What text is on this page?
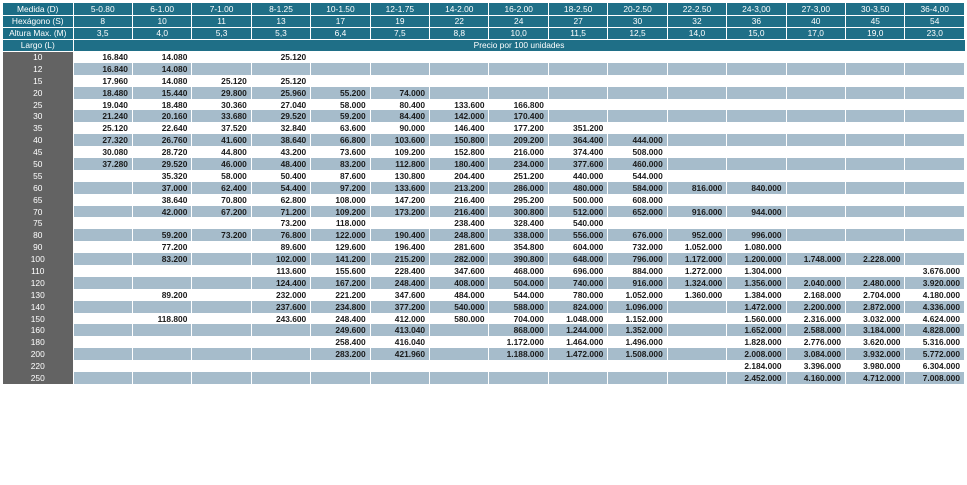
Medida (D)	5-0.80	6-1.00	7-1.00	8-1.25	10-1.50	12-1.75	14-2.00	16-2.00	18-2.50	20-2.50	22-2.50	24-3,00	27-3,00	30-3,50	36-4,00
Hexágono (S)	8	10	11	13	17	19	22	24	27	30	32	36	40	45	54
Altura Max. (M)	3,5	4,0	5,3	5,3	6,4	7,5	8,8	10,0	11,5	12,5	14,0	15,0	17,0	19,0	23,0
Largo (L)	Precio por 100 unidades														
10	16.840	14.080		25.120											
12	16.840	14.080													
15	17.960	14.080	25.120	25.120											
20	18.480	15.440	29.800	25.960	55.200	74.000									
25	19.040	18.480	30.360	27.040	58.000	80.400	133.600	166.800							
30	21.240	20.160	33.680	29.520	59.200	84.400	142.000	170.400							
35	25.120	22.640	37.520	32.840	63.600	90.000	146.400	177.200	351.200						
40	27.320	26.760	41.600	38.640	66.800	103.600	150.800	209.200	364.400	444.000					
45	30.080	28.720	44.800	43.200	73.600	109.200	152.800	216.000	374.400	508.000					
50	37.280	29.520	46.000	48.400	83.200	112.800	180.400	234.000	377.600	460.000					
55		35.320	58.000	50.400	87.600	130.800	204.400	251.200	440.000	544.000					
60		37.000	62.400	54.400	97.200	133.600	213.200	286.000	480.000	584.000	816.000	840.000			
65		38.640	70.800	62.800	108.000	147.200	216.400	295.200	500.000	608.000					
70		42.000	67.200	71.200	109.200	173.200	216.400	300.800	512.000	652.000	916.000	944.000			
75				73.200	118.000		238.400	328.400	540.000						
80		59.200	73.200	76.800	122.000	190.400	248.800	338.000	556.000	676.000	952.000	996.000			
90		77.200		89.600	129.600	196.400	281.600	354.800	604.000	732.000	1.052.000	1.080.000			
100		83.200		102.000	141.200	215.200	282.000	390.800	648.000	796.000	1.172.000	1.200.000	1.748.000	2.228.000	
110				113.600	155.600	228.400	347.600	468.000	696.000	884.000	1.272.000	1.304.000			3.676.000
120				124.400	167.200	248.400	408.000	504.000	740.000	916.000	1.324.000	1.356.000	2.040.000	2.480.000	3.920.000
130		89.200		232.000	221.200	347.600	484.000	544.000	780.000	1.052.000	1.360.000	1.384.000	2.168.000	2.704.000	4.180.000
140				237.600	234.800	377.200	540.000	588.000	824.000	1.096.000		1.472.000	2.200.000	2.872.000	4.336.000
150		118.800		243.600	248.400	412.000	580.000	704.000	1.048.000	1.152.000		1.560.000	2.316.000	3.032.000	4.624.000
160					249.600	413.040		868.000	1.244.000	1.352.000		1.652.000	2.588.000	3.184.000	4.828.000
180					258.400	416.040		1.172.000	1.464.000	1.496.000		1.828.000	2.776.000	3.620.000	5.316.000
200					283.200	421.960		1.188.000	1.472.000	1.508.000		2.008.000	3.084.000	3.932.000	5.772.000
220												2.184.000	3.396.000	3.980.000	6.304.000
250												2.452.000	4.160.000	4.712.000	7.008.000
